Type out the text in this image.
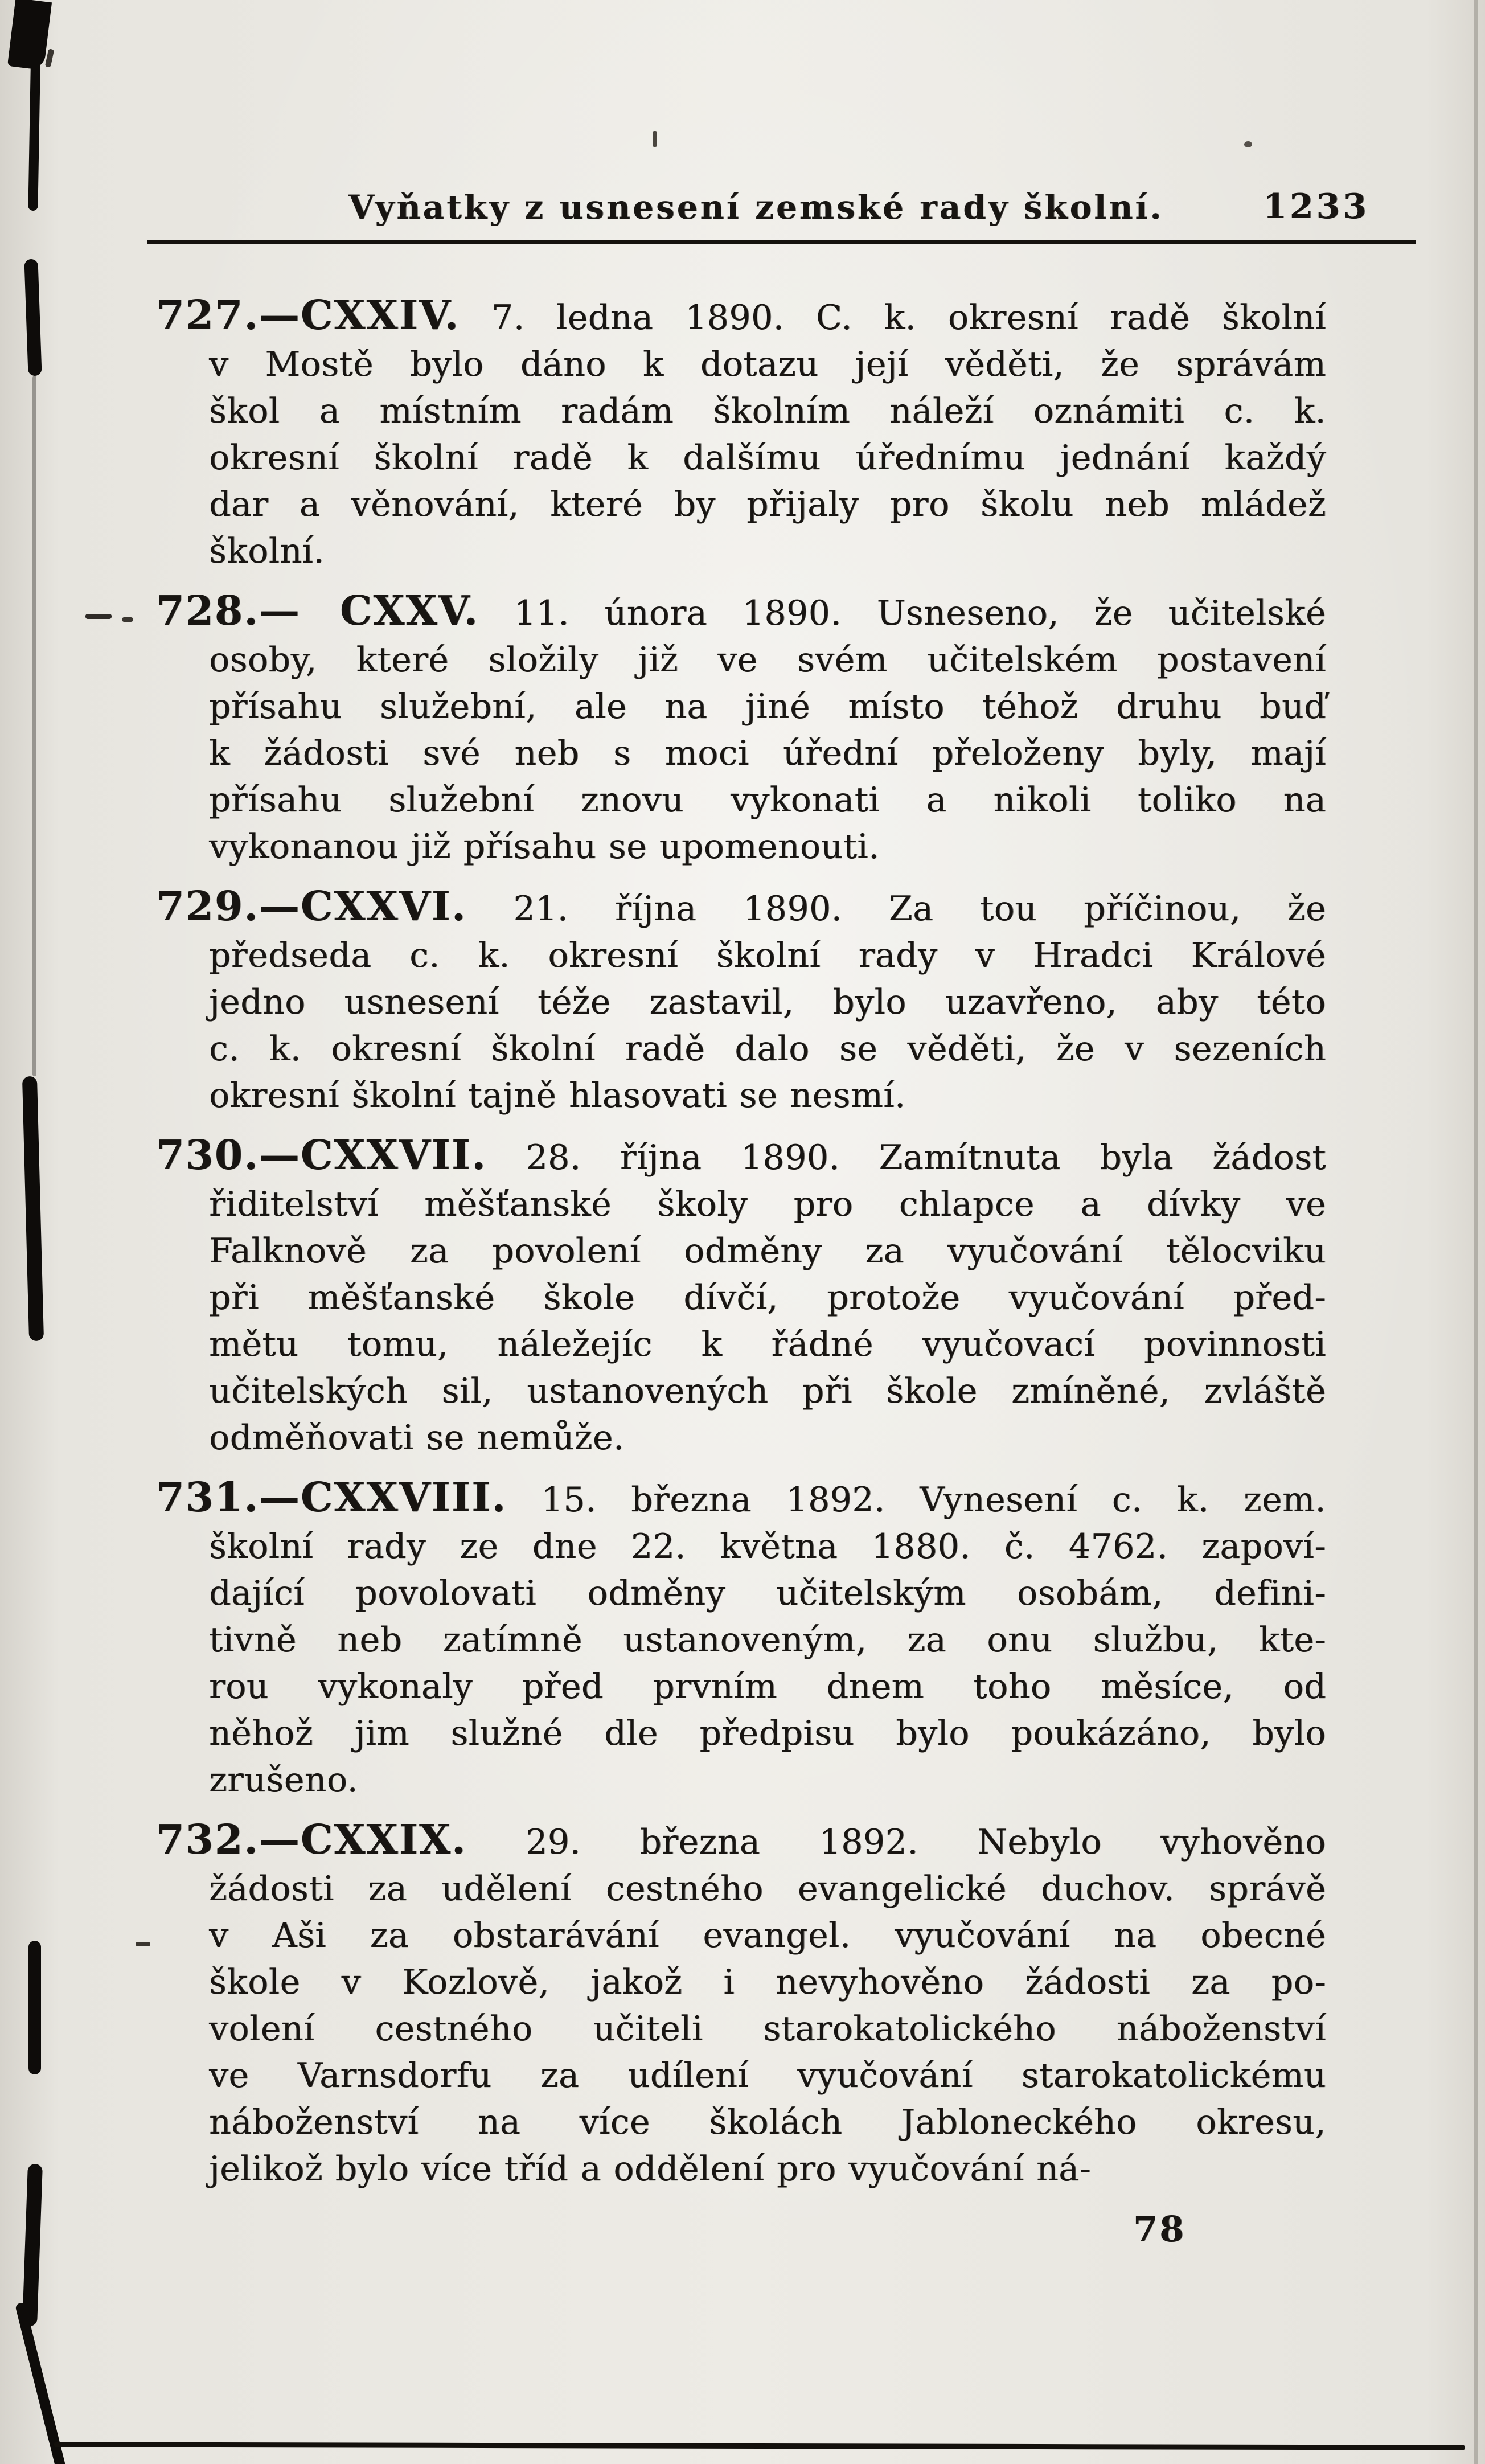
Vyňatky z usnesení zemské rady školní.	1233
727.—CXXIV. 7. ledna 1890. C. k. okresní radě školní
v Mostě bylo dáno k dotazu její věděti, že správám
škol a místním radám školním náleží oznámiti c. k.
okresní školní radě k dalšímu úřednímu jednání každý
dar a věnování, které by přijaly pro školu neb mládež
školní.
728.— CXXV. 11. února 1890. Usneseno, že učitelské
osoby, které složily již ve svém učitelském postavení
přísahu služební, ale na jiné místo téhož druhu buď
k žádosti své neb s moci úřední přeloženy byly, mají
přísahu služební znovu vykonati a nikoli toliko na
vykonanou již přísahu se upomenouti.
729.—CXXVI. 21. října 1890. Za tou příčinou, že
předseda c. k. okresní školní rady v Hradci Králové
jedno usnesení téže zastavil, bylo uzavřeno, aby této
c. k. okresní školní radě dalo se věděti, že v sezeních
okresní školní tajně hlasovati se nesmí.
730.—CXXVII. 28. října 1890. Zamítnuta byla žádost
řiditelství měšťanské školy pro chlapce a dívky ve
Falknově za povolení odměny za vyučování tělocviku
při měšťanské škole dívčí, protože vyučování před-
mětu tomu, náležejíc k řádné vyučovací povinnosti
učitelských sil, ustanovených při škole zmíněné, zvláště
odměňovati se nemůže.
731.—CXXVIII. 15. března 1892. Vynesení c. k. zem.
školní rady ze dne 22. května 1880. č. 4762. zapoví-
dající povolovati odměny učitelským osobám, defini-
tivně neb zatímně ustanoveným, za onu službu, kte-
rou vykonaly před prvním dnem toho měsíce, od
něhož jim služné dle předpisu bylo poukázáno, bylo
zrušeno.
732.—CXXIX. 29. března 1892. Nebylo vyhověno
žádosti za udělení cestného evangelické duchov. správě
v Aši za obstarávání evangel. vyučování na obecné
škole v Kozlově, jakož i nevyhověno žádosti za po-
volení cestného učiteli starokatolického náboženství
ve Varnsdorfu za udílení vyučování starokatolickému
náboženství na více školách Jabloneckého okresu,
jelikož bylo více tříd a oddělení pro vyučování ná-
78
